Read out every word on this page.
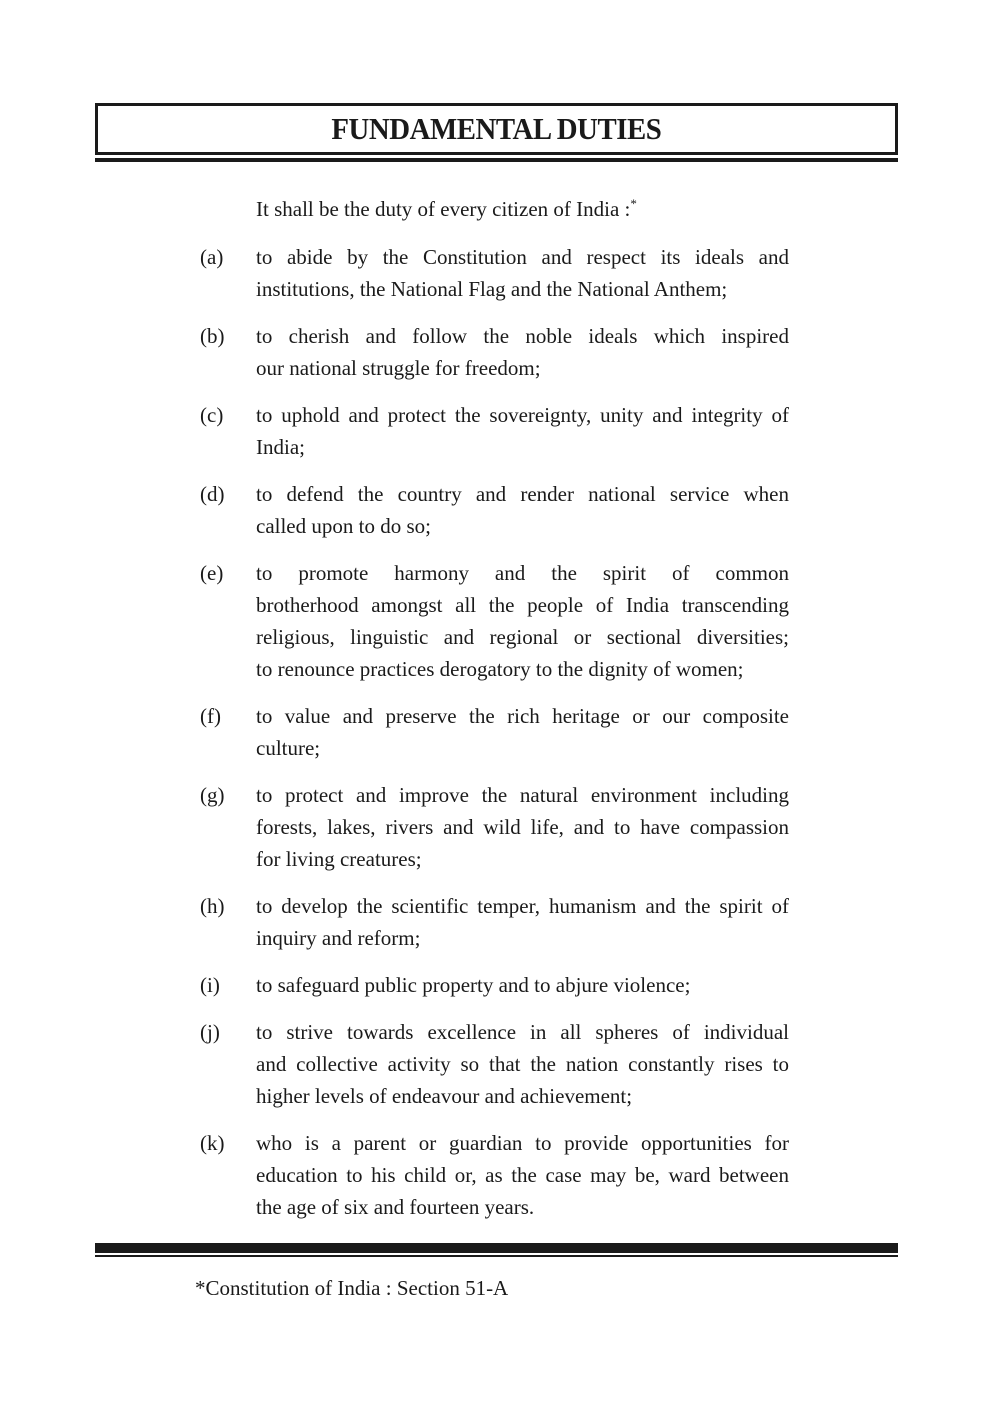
FUNDAMENTAL DUTIES
It shall be the duty of every citizen of India :*
(a)	to abide by the Constitution and respect its ideals and
institutions, the National Flag and the National Anthem;
(b)	to cherish and follow the noble ideals which inspired
our national struggle for freedom;
(c)	to uphold and protect the sovereignty, unity and integrity of
India;
(d)	to defend the country and render national service when
called upon to do so;
(e)	to promote harmony and the spirit of common
brotherhood amongst all the people of India transcending
religious, linguistic and regional or sectional diversities;
to renounce practices derogatory to the dignity of women;
(f)	to value and preserve the rich heritage or our composite
culture;
(g)	to protect and improve the natural environment including
forests, lakes, rivers and wild life, and to have compassion
for living creatures;
(h)	to develop the scientific temper, humanism and the spirit of
inquiry and reform;
(i)	to safeguard public property and to abjure violence;
(j)	to strive towards excellence in all spheres of individual
and collective activity so that the nation constantly rises to
higher levels of endeavour and achievement;
(k)	who is a parent or guardian to provide opportunities for
education to his child or, as the case may be, ward between
the age of six and fourteen years.
*Constitution of India : Section 51-A
